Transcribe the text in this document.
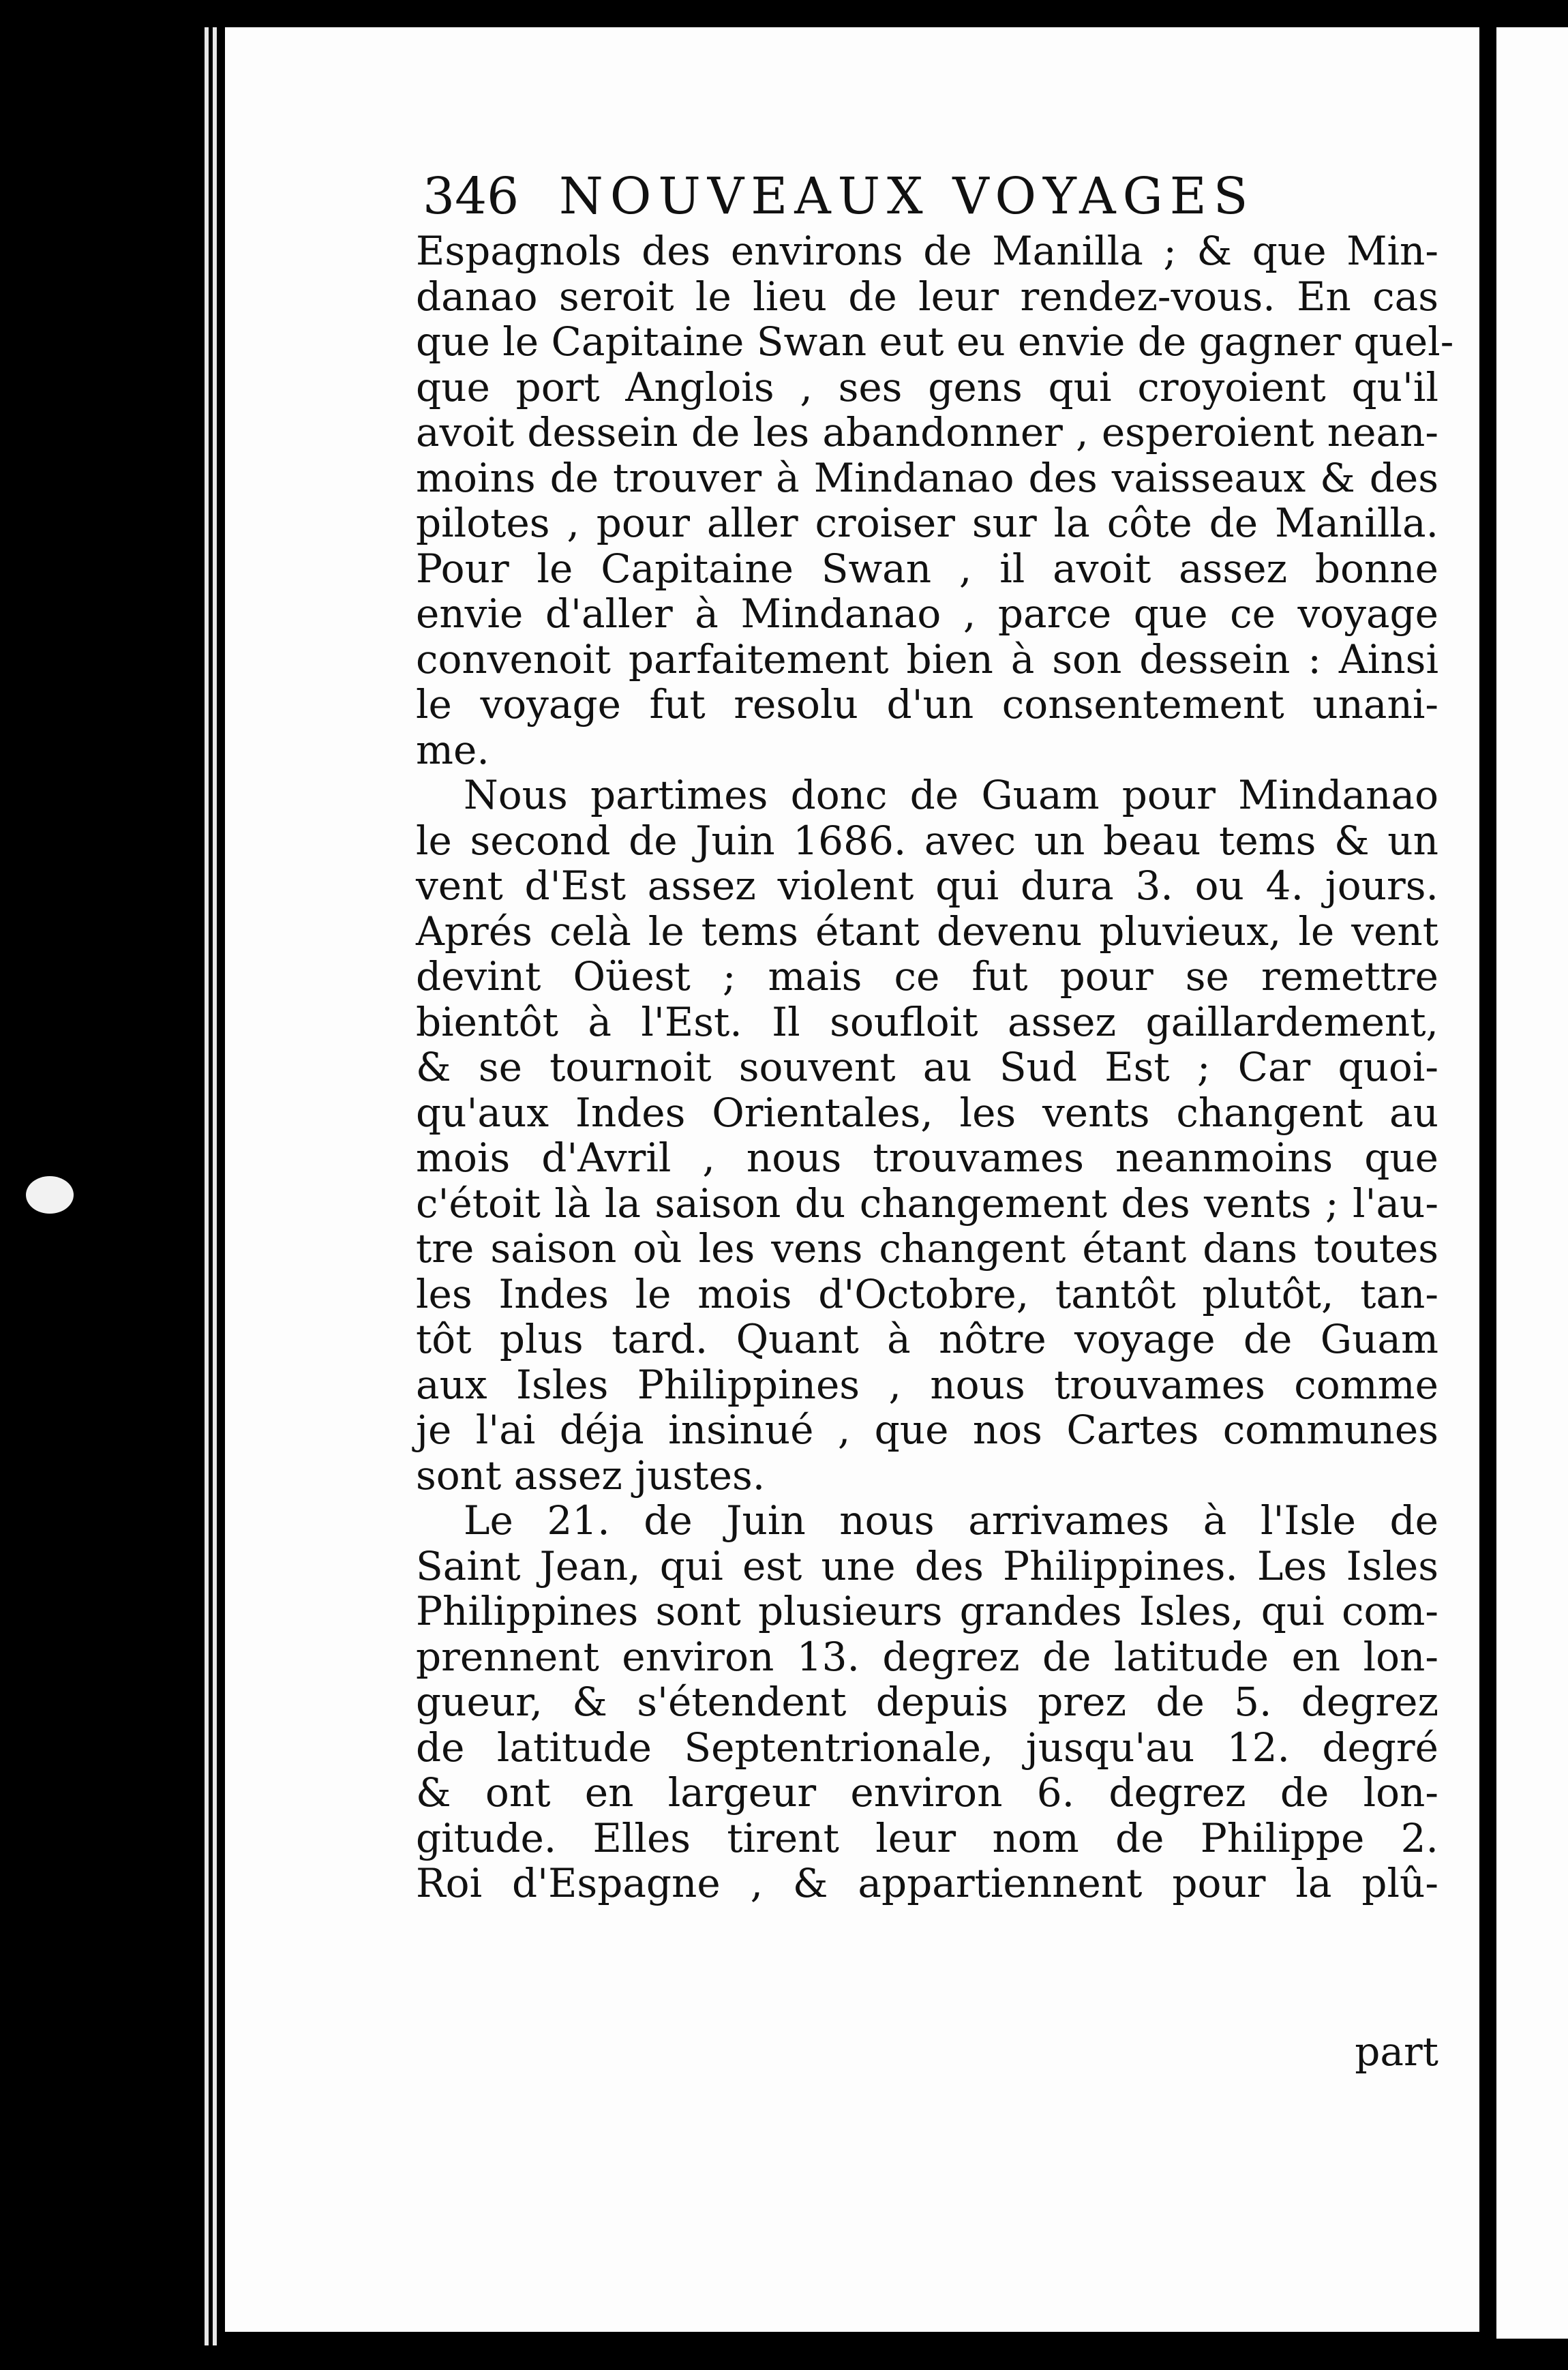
346 NOUVEAUX VOYAGES
Espagnols des environs de Manilla ; & que Min-
danao seroit le lieu de leur rendez-vous. En cas
que le Capitaine Swan eut eu envie de gagner quel-
que port Anglois , ses gens qui croyoient qu'il
avoit dessein de les abandonner , esperoient nean-
moins de trouver à Mindanao des vaisseaux & des
pilotes , pour aller croiser sur la côte de Manilla.
Pour le Capitaine Swan , il avoit assez bonne
envie d'aller à Mindanao , parce que ce voyage
convenoit parfaitement bien à son dessein : Ainsi
le voyage fut resolu d'un consentement unani-
me.
Nous partimes donc de Guam pour Mindanao
le second de Juin 1686. avec un beau tems & un
vent d'Est assez violent qui dura 3. ou 4. jours.
Aprés celà le tems étant devenu pluvieux, le vent
devint Oüest ; mais ce fut pour se remettre
bientôt à l'Est. Il soufloit assez gaillardement,
& se tournoit souvent au Sud Est ; Car quoi-
qu'aux Indes Orientales, les vents changent au
mois d'Avril , nous trouvames neanmoins que
c'étoit là la saison du changement des vents ; l'au-
tre saison où les vens changent étant dans toutes
les Indes le mois d'Octobre, tantôt plutôt, tan-
tôt plus tard. Quant à nôtre voyage de Guam
aux Isles Philippines , nous trouvames comme
je l'ai déja insinué , que nos Cartes communes
sont assez justes.
Le 21. de Juin nous arrivames à l'Isle de
Saint Jean, qui est une des Philippines. Les Isles
Philippines sont plusieurs grandes Isles, qui com-
prennent environ 13. degrez de latitude en lon-
gueur, & s'étendent depuis prez de 5. degrez
de latitude Septentrionale, jusqu'au 12. degré
& ont en largeur environ 6. degrez de lon-
gitude. Elles tirent leur nom de Philippe 2.
Roi d'Espagne , & appartiennent pour la plû-
part
